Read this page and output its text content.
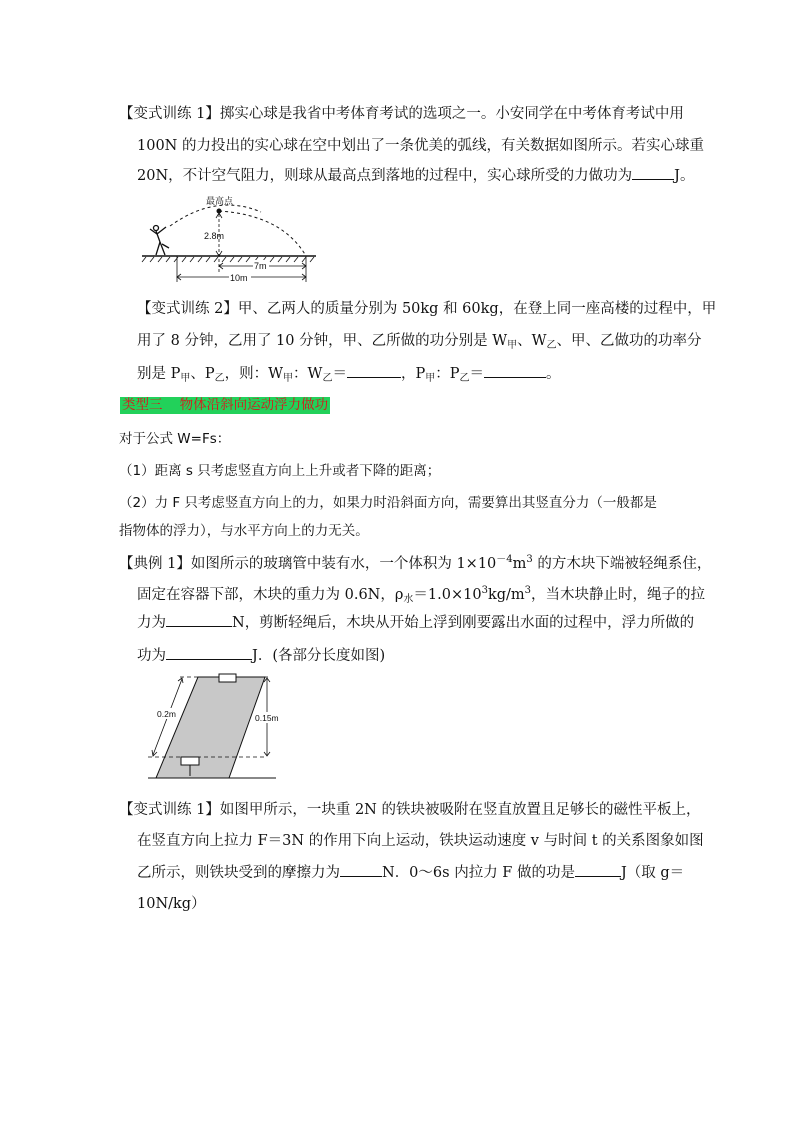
【变式训练 1】掷实心球是我省中考体育考试的选项之一。小安同学在中考体育考试中用
100N 的力投出的实心球在空中划出了一条优美的弧线，有关数据如图所示。若实心球重
20N，不计空气阻力，则球从最高点到落地的过程中，实心球所受的力做功为	J。
最高点
2.8m
7m
10m
【变式训练 2】甲、乙两人的质量分别为 50kg 和 60kg，在登上同一座高楼的过程中，甲
用了 8 分钟，乙用了 10 分钟，甲、乙所做的功分别是 $W_甲$、$W_乙$、甲、乙做功的功率分
别是 $P_甲$、$P_乙$，则：$W_甲$：$W_乙=$	，$P_甲$：$P_乙=$	。
类型三    物体沿斜向运动浮力做功
对于公式 W=Fs：
（1）距离 s 只考虑竖直方向上上升或者下降的距离；
（2）力 F 只考虑竖直方向上的力，如果力时沿斜面方向，需要算出其竖直分力（一般都是
指物体的浮力），与水平方向上的力无关。
【典例 1】如图所示的玻璃管中装有水，一个体积为 $1\times 10^{-4}m^3$ 的方木块下端被轻绳系住，
固定在容器下部，木块的重力为 0.6N，$\rho_水=1.0\times 10^3kg/m^3$，当木块静止时，绳子的拉
力为	N，剪断轻绳后，木块从开始上浮到刚要露出水面的过程中，浮力所做的
功为	J．(各部分长度如图)
0.2m	0.15m
【变式训练 1】如图甲所示，一块重 2N 的铁块被吸附在竖直放置且足够长的磁性平板上，
在竖直方向上拉力 F＝3N 的作用下向上运动，铁块运动速度 v 与时间 t 的关系图象如图
乙所示，则铁块受到的摩擦力为	N．0～6s 内拉力 F 做的功是	J（取 g＝
10N/kg）
